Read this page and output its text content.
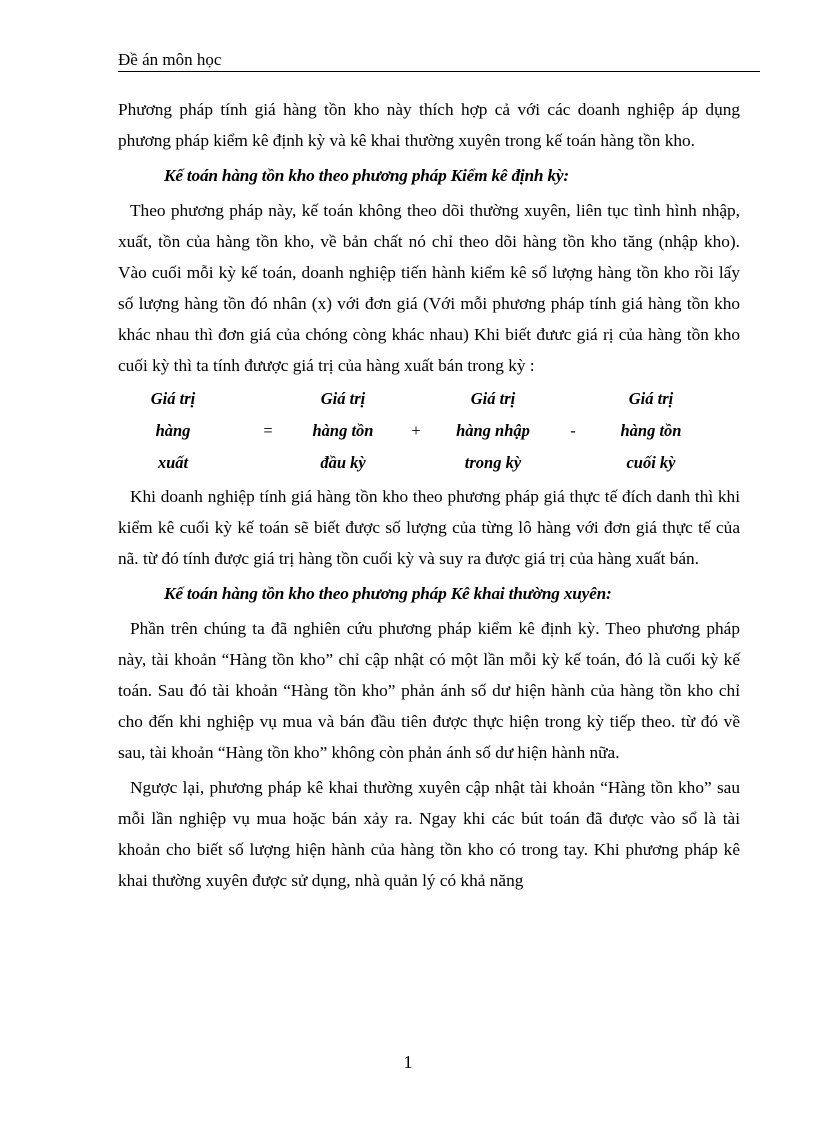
Đề án môn học

Phương pháp tính giá hàng tồn kho này thích hợp cả với các doanh nghiệp áp dụng phương pháp kiểm kê định kỳ và kê khai thường xuyên trong kế toán hàng tồn kho.

Kế toán hàng tồn kho theo phương pháp Kiểm kê định kỳ:

Theo phương pháp này, kế toán không theo dõi thường xuyên, liên tục tình hình nhập, xuất, tồn của hàng tồn kho, về bản chất nó chỉ theo dõi hàng tồn kho tăng (nhập kho). Vào cuối mỗi kỳ kế toán, doanh nghiệp tiến hành kiểm kê số lượng hàng tồn kho rồi lấy số lượng hàng tồn đó nhân (x) với đơn giá (Với mỗi phương pháp tính giá hàng tồn kho khác nhau thì đơn giá của chóng còng khác nhau) Khi biết đưưc giá rị của hàng tồn kho cuối kỳ thì ta tính đưược giá trị của hàng xuất bán trong kỳ :

Giá trị
hàng
xuất
=
Giá trị
hàng tồn
đầu kỳ
+
Giá trị
hàng nhập
trong kỳ
-
Giá trị
hàng tồn
cuối kỳ

Khi doanh nghiệp tính giá hàng tồn kho theo phương pháp giá thực tế đích danh thì khi kiểm kê cuối kỳ kế toán sẽ biết được số lượng của từng lô hàng với đơn giá thực tế của nã. từ đó tính được giá trị hàng tồn cuối kỳ và suy ra được giá trị của hàng xuất bán.

Kế toán hàng tồn kho theo phương pháp Kê khai thường xuyên:

Phần trên chúng ta đã nghiên cứu phương pháp kiểm kê định kỳ. Theo phương pháp này, tài khoản “Hàng tồn kho” chỉ cập nhật có một lần mỗi kỳ kế toán, đó là cuối kỳ kế toán. Sau đó tài khoản “Hàng tồn kho” phản ánh số dư hiện hành của hàng tồn kho chỉ cho đến khi nghiệp vụ mua và bán đầu tiên được thực hiện trong kỳ tiếp theo. từ đó về sau, tài khoản “Hàng tồn kho” không còn phản ánh số dư hiện hành nữa.

Ngược lại, phương pháp kê khai thường xuyên cập nhật tài khoản “Hàng tồn kho” sau mỗi lần nghiệp vụ mua hoặc bán xảy ra. Ngay khi các bút toán đã được vào sổ là tài khoản cho biết số lượng hiện hành của hàng tồn kho có trong tay. Khi phương pháp kê khai thường xuyên được sử dụng, nhà quản lý có khả năng

1
